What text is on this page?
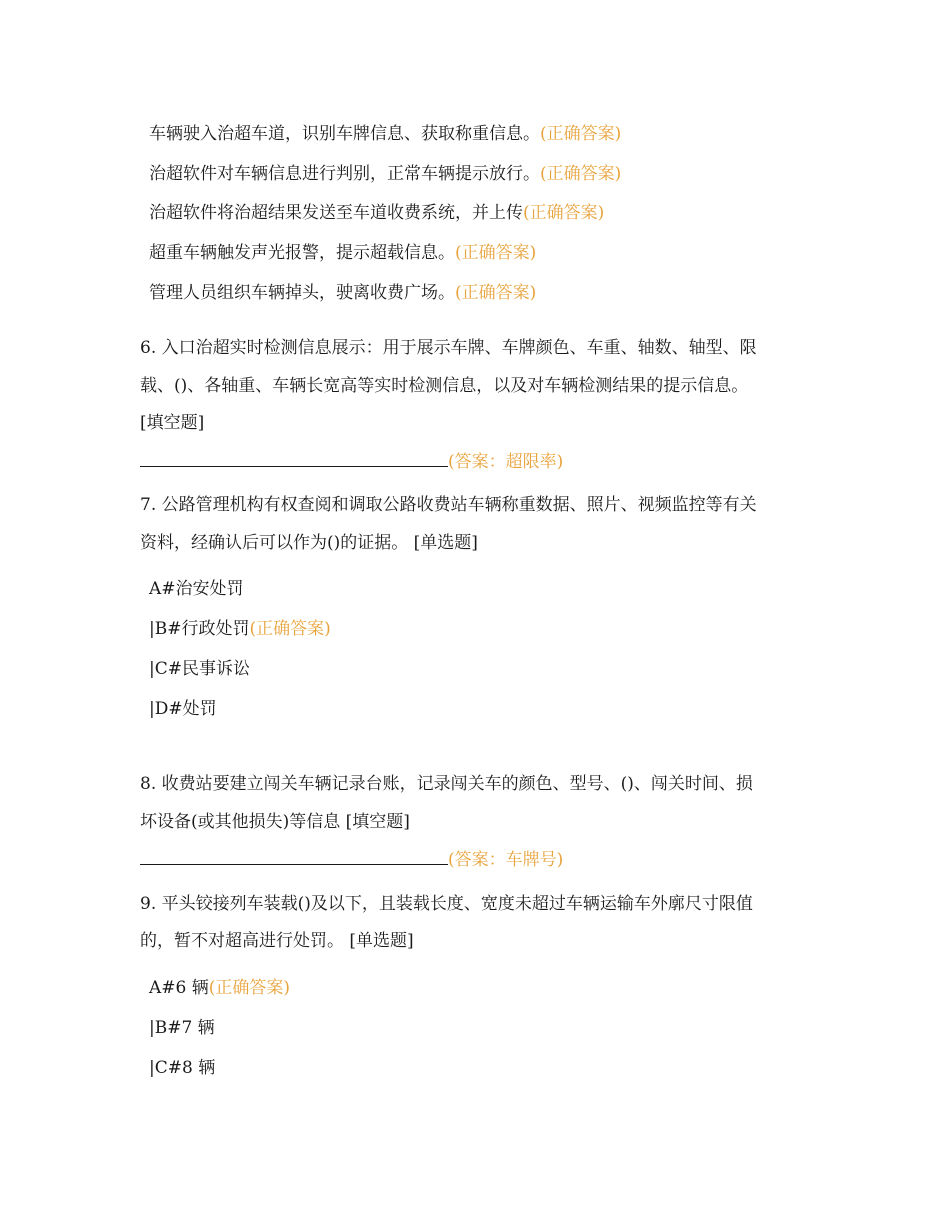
车辆驶入治超车道，识别车牌信息、获取称重信息。(正确答案)
治超软件对车辆信息进行判别，正常车辆提示放行。(正确答案)
治超软件将治超结果发送至车道收费系统，并上传(正确答案)
超重车辆触发声光报警，提示超载信息。(正确答案)
管理人员组织车辆掉头，驶离收费广场。(正确答案)
6. 入口治超实时检测信息展示：用于展示车牌、车牌颜色、车重、轴数、轴型、限
载、()、各轴重、车辆长宽高等实时检测信息，以及对车辆检测结果的提示信息。
[填空题]
(答案：超限率)
7. 公路管理机构有权查阅和调取公路收费站车辆称重数据、照片、视频监控等有关
资料，经确认后可以作为()的证据。 [单选题]
A#治安处罚
|B#行政处罚(正确答案)
|C#民事诉讼
|D#处罚
8. 收费站要建立闯关车辆记录台账，记录闯关车的颜色、型号、()、闯关时间、损
坏设备(或其他损失)等信息 [填空题]
(答案：车牌号)
9. 平头铰接列车装载()及以下，且装载长度、宽度未超过车辆运输车外廓尺寸限值
的，暂不对超高进行处罚。 [单选题]
A#6 辆(正确答案)
|B#7 辆
|C#8 辆
